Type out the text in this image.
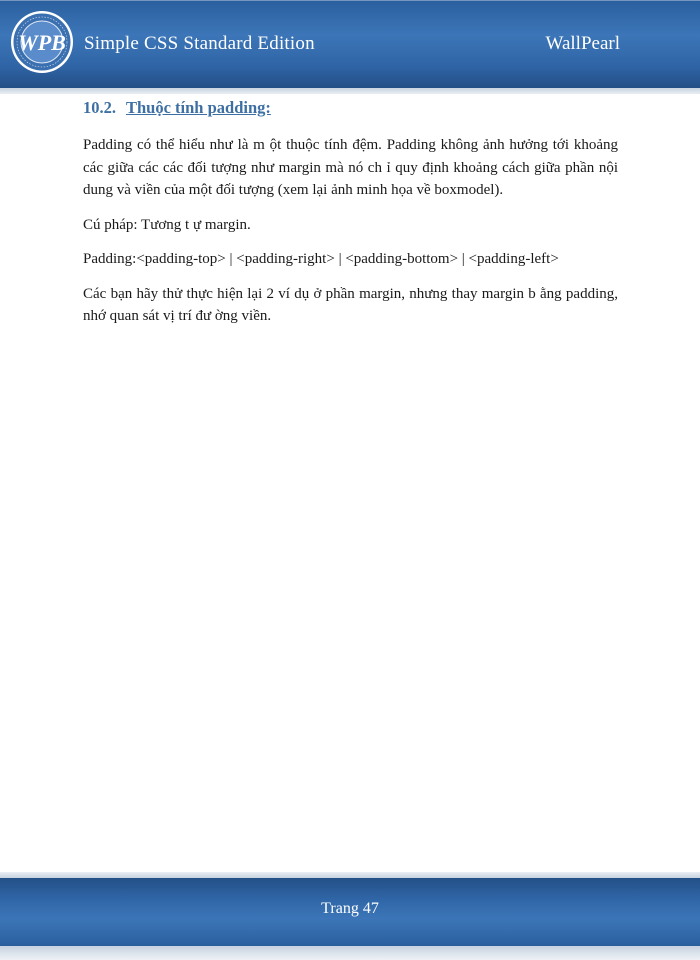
WPB Simple CSS Standard Edition	WallPearl
10.2. Thuộc tính padding:

Padding có thể hiểu như là m ột thuộc tính đệm. Padding không ảnh hưởng tới khoảng các giữa các các đối tượng như margin mà nó ch ỉ quy định khoảng cách giữa phần nội dung và viền của một đối tượng (xem lại ảnh minh họa về boxmodel).

Cú pháp: Tương t ự margin.

Padding:<padding-top> | <padding-right> | <padding-bottom> | <padding-left>

Các bạn hãy thử thực hiện lại 2 ví dụ ở phần margin, nhưng thay margin b ằng padding, nhớ quan sát vị trí đư ờng viền.

Trang 47
